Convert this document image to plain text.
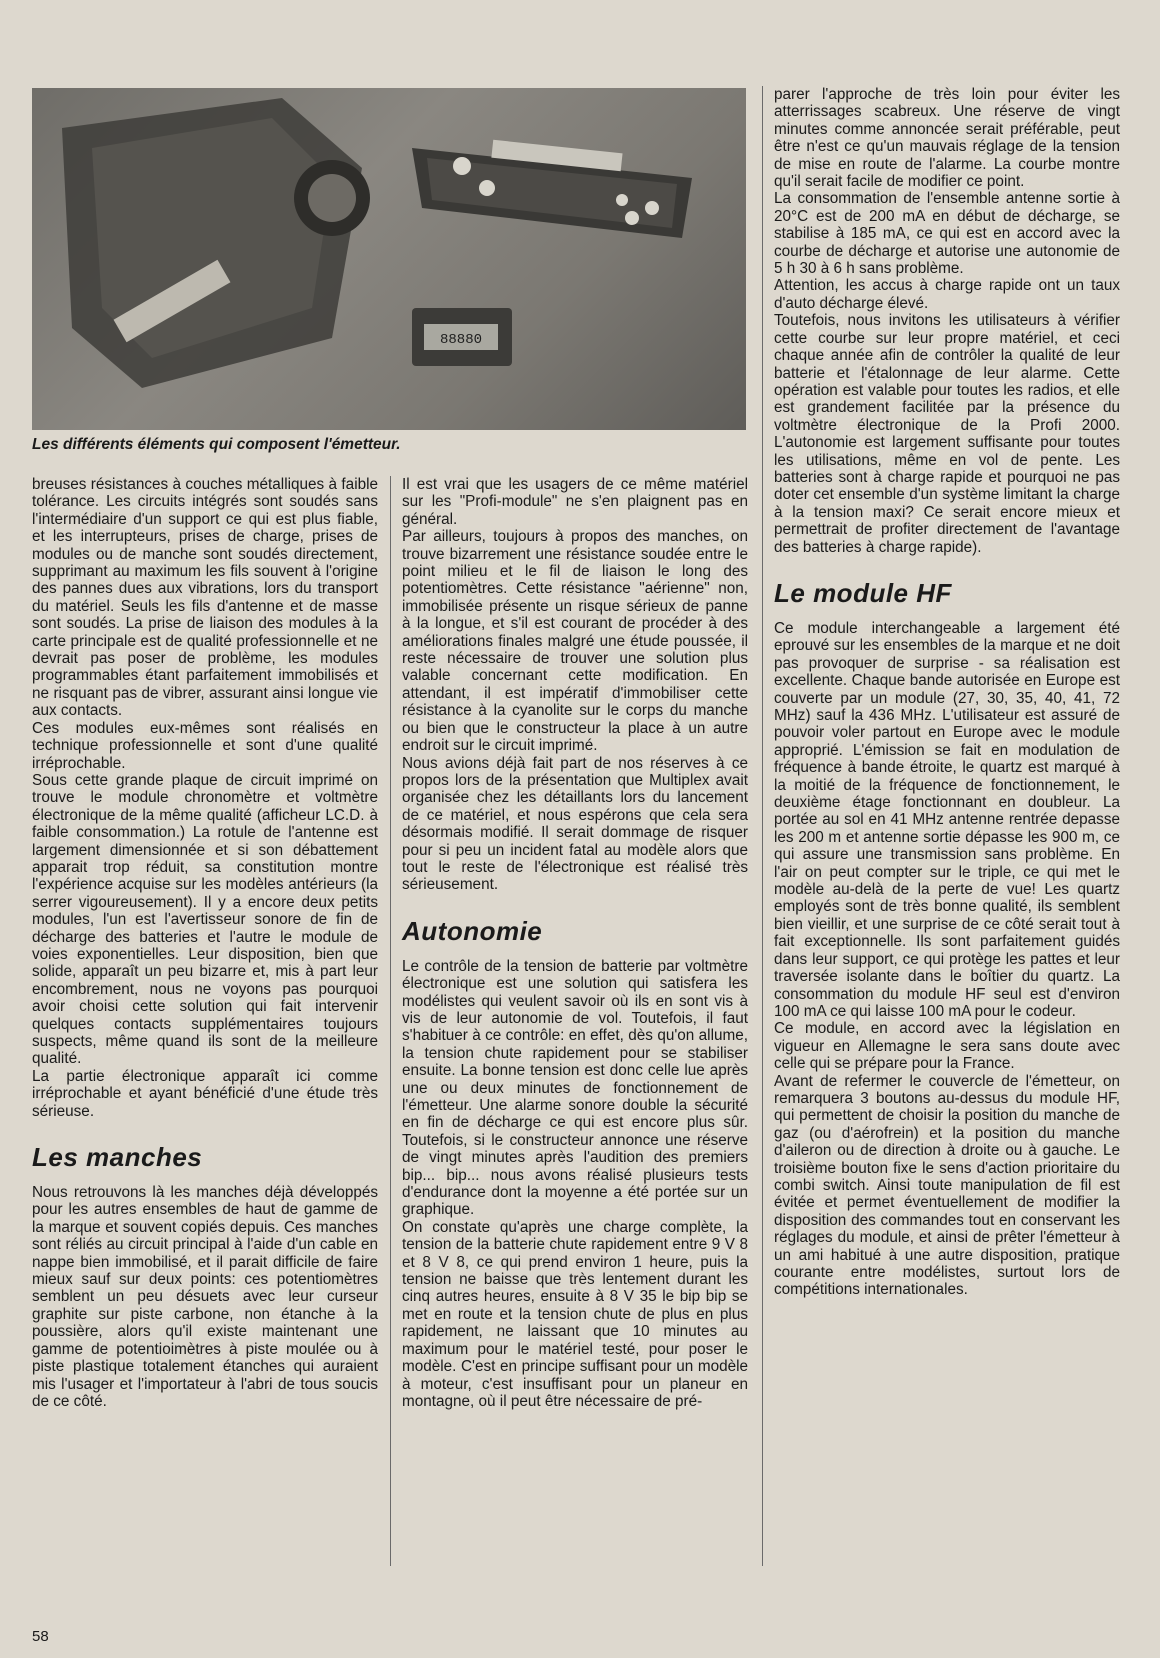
88880
Les différents éléments qui composent l'émetteur.

breuses résistances à couches métalliques à faible tolérance. Les circuits intégrés sont soudés sans l'intermédiaire d'un support ce qui est plus fiable, et les interrupteurs, prises de charge, prises de modules ou de manche sont soudés directement, supprimant au maximum les fils souvent à l'origine des pannes dues aux vibrations, lors du transport du matériel. Seuls les fils d'antenne et de masse sont soudés. La prise de liaison des modules à la carte principale est de qualité professionnelle et ne devrait pas poser de problème, les modules programmables étant parfaitement immobilisés et ne risquant pas de vibrer, assurant ainsi longue vie aux contacts.

Ces modules eux-mêmes sont réalisés en technique professionnelle et sont d'une qualité irréprochable.

Sous cette grande plaque de circuit imprimé on trouve le module chronomètre et voltmètre électronique de la même qualité (afficheur LC.D. à faible consommation.) La rotule de l'antenne est largement dimensionnée et si son débattement apparait trop réduit, sa constitution montre l'expérience acquise sur les modèles antérieurs (la serrer vigoureusement). Il y a encore deux petits modules, l'un est l'avertisseur sonore de fin de décharge des batteries et l'autre le module de voies exponentielles. Leur disposition, bien que solide, apparaît un peu bizarre et, mis à part leur encombrement, nous ne voyons pas pourquoi avoir choisi cette solution qui fait intervenir quelques contacts supplémentaires toujours suspects, même quand ils sont de la meilleure qualité.

La partie électronique apparaît ici comme irréprochable et ayant bénéficié d'une étude très sérieuse.

Les manches

Nous retrouvons là les manches déjà développés pour les autres ensembles de haut de gamme de la marque et souvent copiés depuis. Ces manches sont réliés au circuit principal à l'aide d'un cable en nappe bien immobilisé, et il parait difficile de faire mieux sauf sur deux points: ces potentiomètres semblent un peu désuets avec leur curseur graphite sur piste carbone, non étanche à la poussière, alors qu'il existe maintenant une gamme de potentioimètres à piste moulée ou à piste plastique totalement étanches qui auraient mis l'usager et l'importateur à l'abri de tous soucis de ce côté.

Il est vrai que les usagers de ce même matériel sur les "Profi-module" ne s'en plaignent pas en général.

Par ailleurs, toujours à propos des manches, on trouve bizarrement une résistance soudée entre le point milieu et le fil de liaison le long des potentiomètres. Cette résistance "aérienne" non, immobilisée présente un risque sérieux de panne à la longue, et s'il est courant de procéder à des améliorations finales malgré une étude poussée, il reste nécessaire de trouver une solution plus valable concernant cette modification. En attendant, il est impératif d'immobiliser cette résistance à la cyanolite sur le corps du manche ou bien que le constructeur la place à un autre endroit sur le circuit imprimé.

Nous avions déjà fait part de nos réserves à ce propos lors de la présentation que Multiplex avait organisée chez les détaillants lors du lancement de ce matériel, et nous espérons que cela sera désormais modifié. Il serait dommage de risquer pour si peu un incident fatal au modèle alors que tout le reste de l'électronique est réalisé très sérieusement.

Autonomie

Le contrôle de la tension de batterie par voltmètre électronique est une solution qui satisfera les modélistes qui veulent savoir où ils en sont vis à vis de leur autonomie de vol. Toutefois, il faut s'habituer à ce contrôle: en effet, dès qu'on allume, la tension chute rapidement pour se stabiliser ensuite. La bonne tension est donc celle lue après une ou deux minutes de fonctionnement de l'émetteur. Une alarme sonore double la sécurité en fin de décharge ce qui est encore plus sûr. Toutefois, si le constructeur annonce une réserve de vingt minutes après l'audition des premiers bip... bip... nous avons réalisé plusieurs tests d'endurance dont la moyenne a été portée sur un graphique.

On constate qu'après une charge complète, la tension de la batterie chute rapidement entre 9 V 8 et 8 V 8, ce qui prend environ 1 heure, puis la tension ne baisse que très lentement durant les cinq autres heures, ensuite à 8 V 35 le bip bip se met en route et la tension chute de plus en plus rapidement, ne laissant que 10 minutes au maximum pour le matériel testé, pour poser le modèle. C'est en principe suffisant pour un modèle à moteur, c'est insuffisant pour un planeur en montagne, où il peut être nécessaire de pré-

parer l'approche de très loin pour éviter les atterrissages scabreux. Une réserve de vingt minutes comme annoncée serait préférable, peut être n'est ce qu'un mauvais réglage de la tension de mise en route de l'alarme. La courbe montre qu'il serait facile de modifier ce point.

La consommation de l'ensemble antenne sortie à 20°C est de 200 mA en début de décharge, se stabilise à 185 mA, ce qui est en accord avec la courbe de décharge et autorise une autonomie de 5 h 30 à 6 h sans problème.

Attention, les accus à charge rapide ont un taux d'auto décharge élevé.

Toutefois, nous invitons les utilisateurs à vérifier cette courbe sur leur propre matériel, et ceci chaque année afin de contrôler la qualité de leur batterie et l'étalonnage de leur alarme. Cette opération est valable pour toutes les radios, et elle est grandement facilitée par la présence du voltmètre électronique de la Profi 2000. L'autonomie est largement suffisante pour toutes les utilisations, même en vol de pente. Les batteries sont à charge rapide et pourquoi ne pas doter cet ensemble d'un système limitant la charge à la tension maxi? Ce serait encore mieux et permettrait de profiter directement de l'avantage des batteries à charge rapide).

Le module HF

Ce module interchangeable a largement été eprouvé sur les ensembles de la marque et ne doit pas provoquer de surprise - sa réalisation est excellente. Chaque bande autorisée en Europe est couverte par un module (27, 30, 35, 40, 41, 72 MHz) sauf la 436 MHz. L'utilisateur est assuré de pouvoir voler partout en Europe avec le module approprié. L'émission se fait en modulation de fréquence à bande étroite, le quartz est marqué à la moitié de la fréquence de fonctionnement, le deuxième étage fonctionnant en doubleur. La portée au sol en 41 MHz antenne rentrée depasse les 200 m et antenne sortie dépasse les 900 m, ce qui assure une transmission sans problème. En l'air on peut compter sur le triple, ce qui met le modèle au-delà de la perte de vue! Les quartz employés sont de très bonne qualité, ils semblent bien vieillir, et une surprise de ce côté serait tout à fait exceptionnelle. Ils sont parfaitement guidés dans leur support, ce qui protège les pattes et leur traversée isolante dans le boîtier du quartz. La consommation du module HF seul est d'environ 100 mA ce qui laisse 100 mA pour le codeur.

Ce module, en accord avec la législation en vigueur en Allemagne le sera sans doute avec celle qui se prépare pour la France.

Avant de refermer le couvercle de l'émetteur, on remarquera 3 boutons au-dessus du module HF, qui permettent de choisir la position du manche de gaz (ou d'aérofrein) et la position du manche d'aileron ou de direction à droite ou à gauche. Le troisième bouton fixe le sens d'action prioritaire du combi switch. Ainsi toute manipulation de fil est évitée et permet éventuellement de modifier la disposition des commandes tout en conservant les réglages du module, et ainsi de prêter l'émetteur à un ami habitué à une autre disposition, pratique courante entre modélistes, surtout lors de compétitions internationales.

58
